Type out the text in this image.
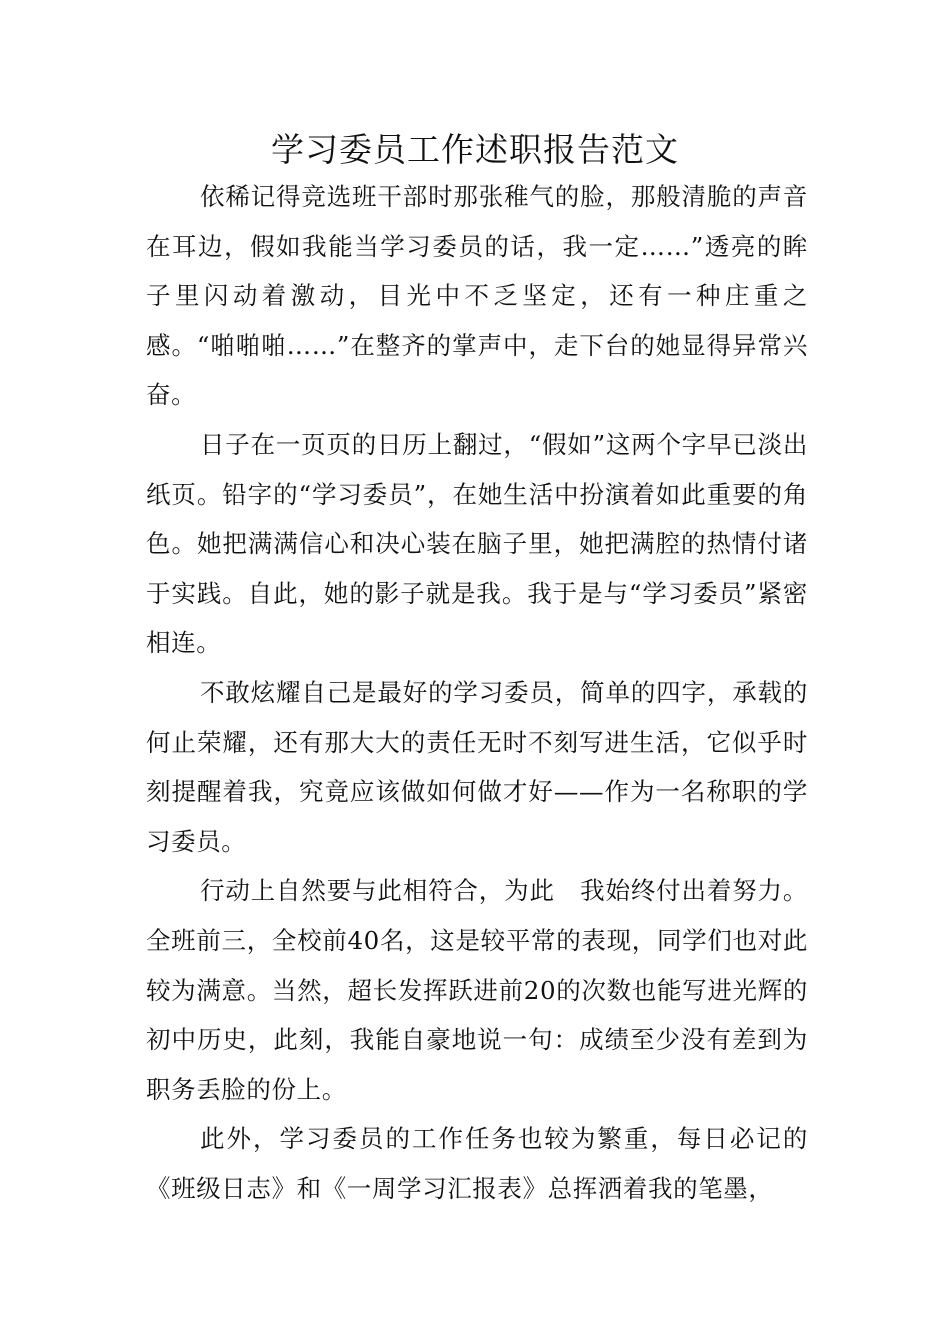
学习委员工作述职报告范文

依稀记得竞选班干部时那张稚气的脸，那般清脆的声音在耳边，假如我能当学习委员的话，我一定……”透亮的眸子里闪动着激动，目光中不乏坚定，还有一种庄重之感。“啪啪啪……”在整齐的掌声中，走下台的她显得异常兴奋。

日子在一页页的日历上翻过，“假如”这两个字早已淡出纸页。铅字的“学习委员”，在她生活中扮演着如此重要的角色。她把满满信心和决心装在脑子里，她把满腔的热情付诸于实践。自此，她的影子就是我。我于是与“学习委员”紧密相连。

不敢炫耀自己是最好的学习委员，简单的四字，承载的何止荣耀，还有那大大的责任无时不刻写进生活，它似乎时刻提醒着我，究竟应该做如何做才好——作为一名称职的学习委员。

行动上自然要与此相符合，为此　我始终付出着努力。全班前三，全校前40名，这是较平常的表现，同学们也对此较为满意。当然，超长发挥跃进前20的次数也能写进光辉的初中历史，此刻，我能自豪地说一句：成绩至少没有差到为职务丢脸的份上。

此外，学习委员的工作任务也较为繁重，每日必记的《班级日志》和《一周学习汇报表》总挥洒着我的笔墨，
